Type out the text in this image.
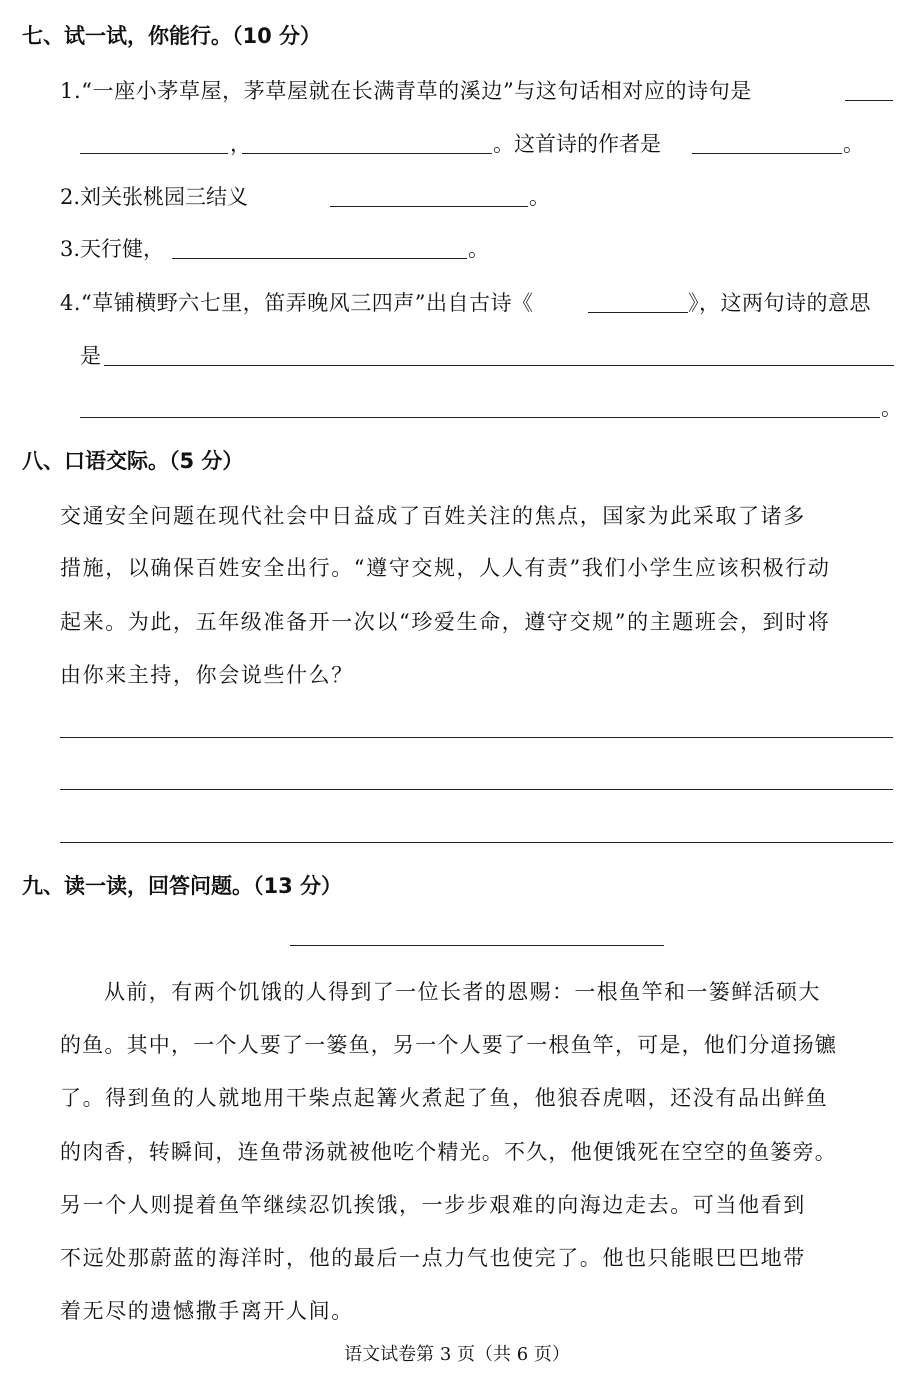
七、试一试，你能行。（10 分）
1.“一座小茅草屋，茅草屋就在长满青草的溪边”与这句话相对应的诗句是
，	。这首诗的作者是	。
2.刘关张桃园三结义	。
3.天行健，	。
4.“草铺横野六七里，笛弄晚风三四声”出自古诗《	》，这两句诗的意思
是
。
八、口语交际。（5 分）
交通安全问题在现代社会中日益成了百姓关注的焦点，国家为此采取了诸多
措施，以确保百姓安全出行。“遵守交规，人人有责”我们小学生应该积极行动
起来。为此，五年级准备开一次以“珍爱生命，遵守交规”的主题班会，到时将
由你来主持，你会说些什么？
九、读一读，回答问题。（13 分）
从前，有两个饥饿的人得到了一位长者的恩赐：一根鱼竿和一篓鲜活硕大
的鱼。其中，一个人要了一篓鱼，另一个人要了一根鱼竿，可是，他们分道扬镳
了。得到鱼的人就地用干柴点起篝火煮起了鱼，他狼吞虎咽，还没有品出鲜鱼
的肉香，转瞬间，连鱼带汤就被他吃个精光。不久，他便饿死在空空的鱼篓旁。
另一个人则提着鱼竿继续忍饥挨饿，一步步艰难的向海边走去。可当他看到
不远处那蔚蓝的海洋时，他的最后一点力气也使完了。他也只能眼巴巴地带
着无尽的遗憾撒手离开人间。
语文试卷第 3 页（共 6 页）
